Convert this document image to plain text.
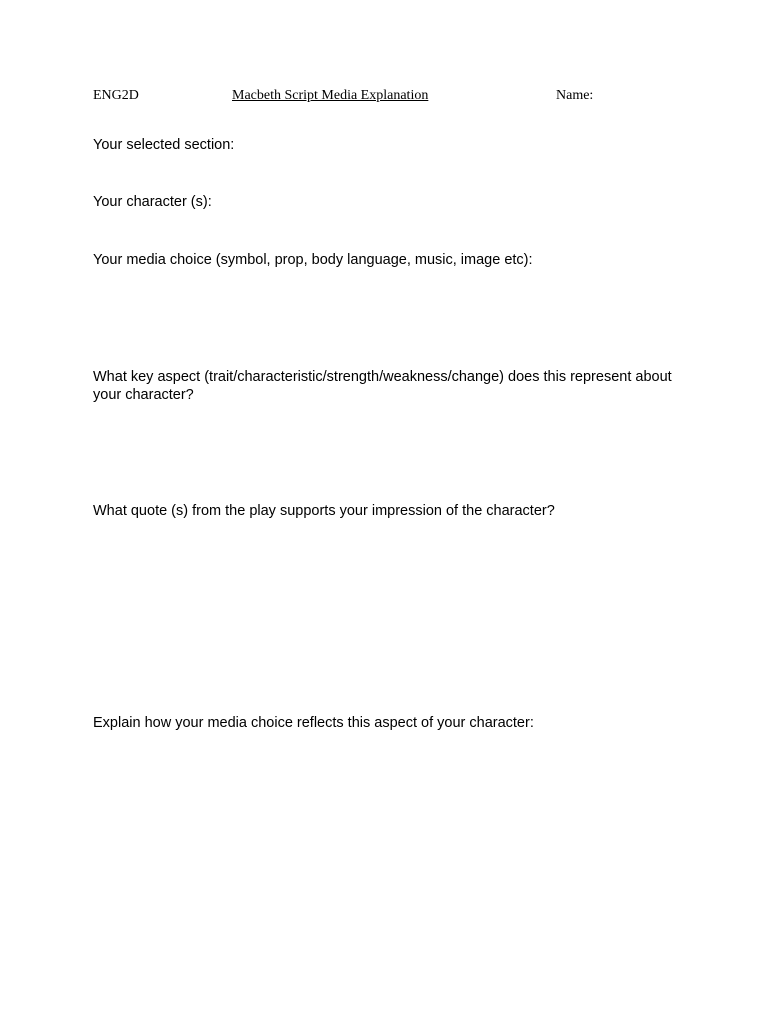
ENG2D	Macbeth Script Media Explanation	Name:
Your selected section:
Your character (s):
Your media choice (symbol, prop, body language, music, image etc):
What key aspect (trait/characteristic/strength/weakness/change) does this represent about your character?
What quote (s) from the play supports your impression of the character?
Explain how your media choice reflects this aspect of your character:
